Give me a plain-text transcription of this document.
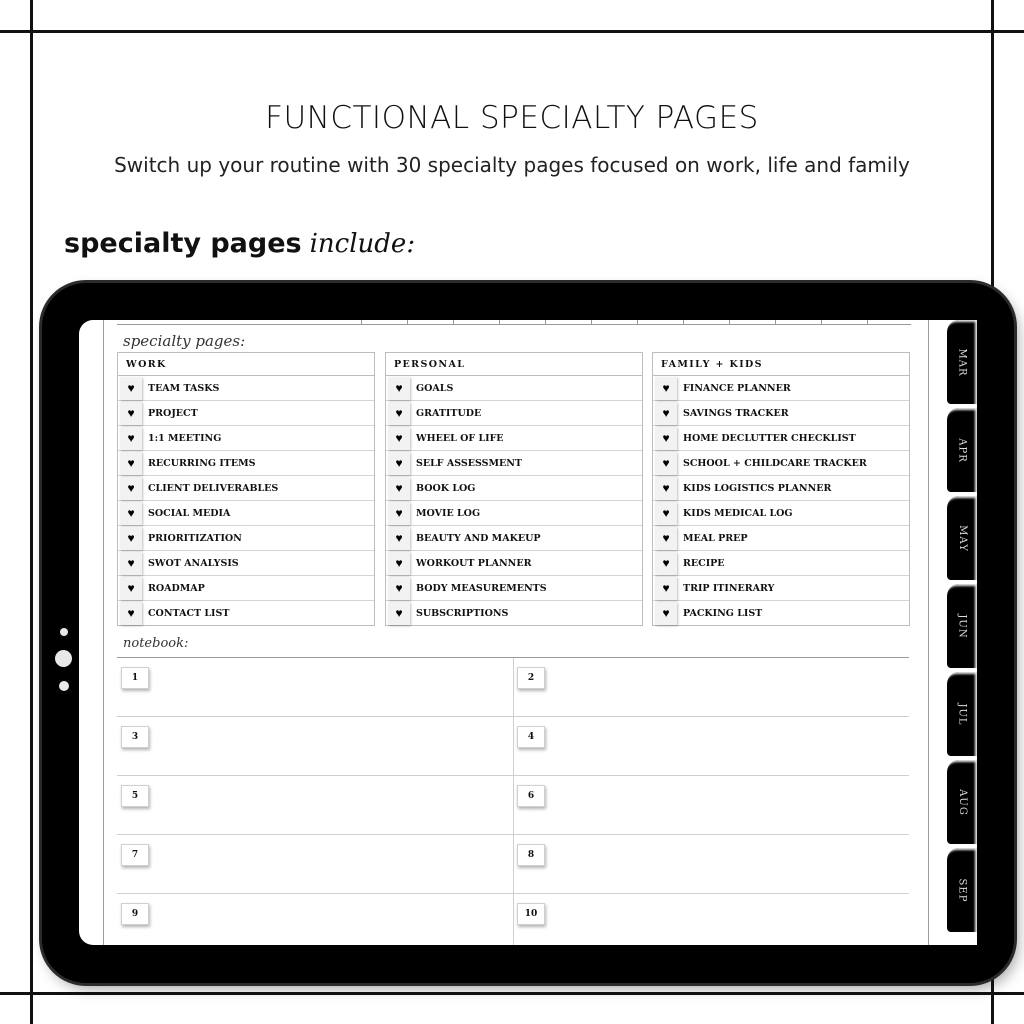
FUNCTIONAL SPECIALTY PAGES
Switch up your routine with 30 specialty pages focused on work, life and family
specialty pages include:
specialty pages:
WORK
♥	TEAM TASKS
♥	PROJECT
♥	1:1 MEETING
♥	RECURRING ITEMS
♥	CLIENT DELIVERABLES
♥	SOCIAL MEDIA
♥	PRIORITIZATION
♥	SWOT ANALYSIS
♥	ROADMAP
♥	CONTACT LIST
PERSONAL
♥	GOALS
♥	GRATITUDE
♥	WHEEL OF LIFE
♥	SELF ASSESSMENT
♥	BOOK LOG
♥	MOVIE LOG
♥	BEAUTY AND MAKEUP
♥	WORKOUT PLANNER
♥	BODY MEASUREMENTS
♥	SUBSCRIPTIONS
FAMILY + KIDS
♥	FINANCE PLANNER
♥	SAVINGS TRACKER
♥	HOME DECLUTTER CHECKLIST
♥	SCHOOL + CHILDCARE TRACKER
♥	KIDS LOGISTICS PLANNER
♥	KIDS MEDICAL LOG
♥	MEAL PREP
♥	RECIPE
♥	TRIP ITINERARY
♥	PACKING LIST
notebook:
1	2
3	4
5	6
7	8
9	10
MAR
APR
MAY
JUN
JUL
AUG
SEP
